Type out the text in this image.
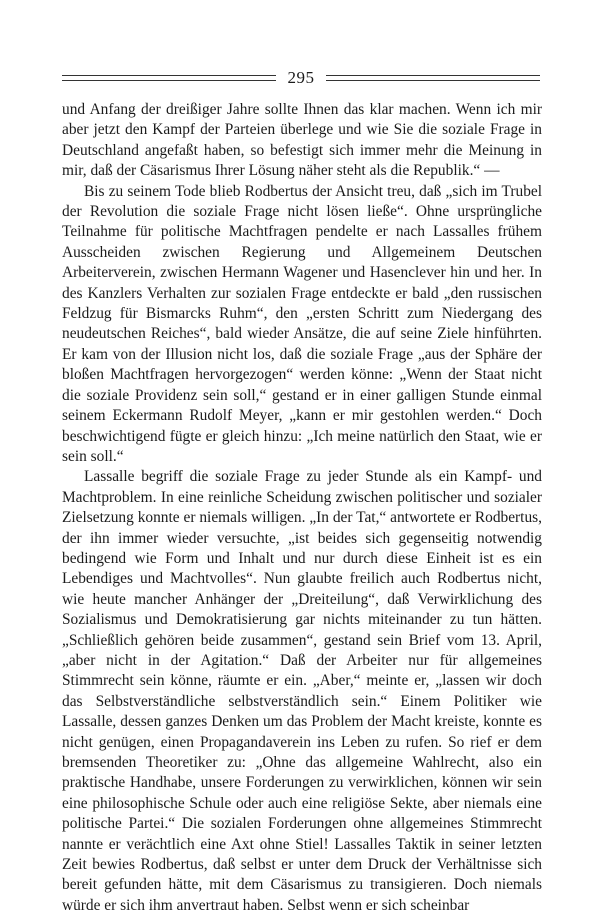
295

und Anfang der dreißiger Jahre sollte Ihnen das klar machen. Wenn ich mir aber jetzt den Kampf der Parteien überlege und wie Sie die soziale Frage in Deutschland angefaßt haben, so befestigt sich immer mehr die Meinung in mir, daß der Cäsarismus Ihrer Lösung näher steht als die Republik.“ —

Bis zu seinem Tode blieb Rodbertus der Ansicht treu, daß „sich im Trubel der Revolution die soziale Frage nicht lösen ließe“. Ohne ursprüngliche Teilnahme für politische Machtfragen pendelte er nach Lassalles frühem Ausscheiden zwischen Regierung und Allgemeinem Deutschen Arbeiterverein, zwischen Hermann Wagener und Hasenclever hin und her. In des Kanzlers Verhalten zur sozialen Frage entdeckte er bald „den russischen Feldzug für Bismarcks Ruhm“, den „ersten Schritt zum Niedergang des neudeutschen Reiches“, bald wieder Ansätze, die auf seine Ziele hinführten. Er kam von der Illusion nicht los, daß die soziale Frage „aus der Sphäre der bloßen Machtfragen hervorgezogen“ werden könne: „Wenn der Staat nicht die soziale Providenz sein soll,“ gestand er in einer galligen Stunde einmal seinem Eckermann Rudolf Meyer, „kann er mir gestohlen werden.“ Doch beschwichtigend fügte er gleich hinzu: „Ich meine natürlich den Staat, wie er sein soll.“

Lassalle begriff die soziale Frage zu jeder Stunde als ein Kampf- und Machtproblem. In eine reinliche Scheidung zwischen politischer und sozialer Zielsetzung konnte er niemals willigen. „In der Tat,“ antwortete er Rodbertus, der ihn immer wieder versuchte, „ist beides sich gegenseitig notwendig bedingend wie Form und Inhalt und nur durch diese Einheit ist es ein Lebendiges und Machtvolles“. Nun glaubte freilich auch Rodbertus nicht, wie heute mancher Anhänger der „Dreiteilung“, daß Verwirklichung des Sozialismus und Demokratisierung gar nichts miteinander zu tun hätten. „Schließlich gehören beide zusammen“, gestand sein Brief vom 13. April, „aber nicht in der Agitation.“ Daß der Arbeiter nur für allgemeines Stimmrecht sein könne, räumte er ein. „Aber,“ meinte er, „lassen wir doch das Selbstverständliche selbstverständlich sein.“ Einem Politiker wie Lassalle, dessen ganzes Denken um das Problem der Macht kreiste, konnte es nicht genügen, einen Propagandaverein ins Leben zu rufen. So rief er dem bremsenden Theoretiker zu: „Ohne das allgemeine Wahlrecht, also ein praktische Handhabe, unsere Forderungen zu verwirklichen, können wir sein eine philosophische Schule oder auch eine religiöse Sekte, aber niemals eine politische Partei.“ Die sozialen Forderungen ohne allgemeines Stimmrecht nannte er verächtlich eine Axt ohne Stiel! Lassalles Taktik in seiner letzten Zeit bewies Rodbertus, daß selbst er unter dem Druck der Verhältnisse sich bereit gefunden hätte, mit dem Cäsarismus zu transigieren. Doch niemals würde er sich ihm anvertraut haben. Selbst wenn er sich scheinbar
